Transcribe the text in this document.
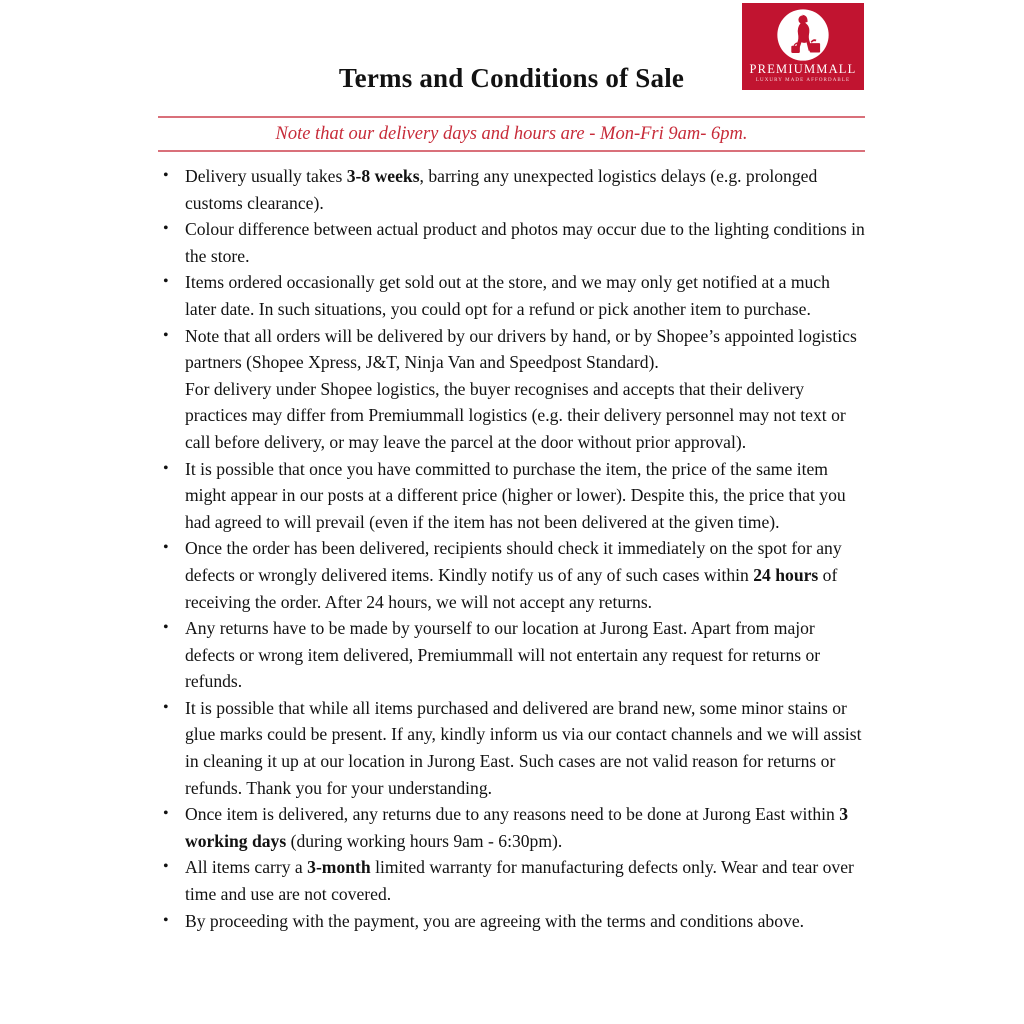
PREMIUMMALL
LUXURY MADE AFFORDABLE
Terms and Conditions of Sale
Note that our delivery days and hours are - Mon-Fri 9am- 6pm.
• Delivery usually takes 3-8 weeks, barring any unexpected logistics delays (e.g. prolonged customs clearance).
• Colour difference between actual product and photos may occur due to the lighting conditions in the store.
• Items ordered occasionally get sold out at the store, and we may only get notified at a much later date. In such situations, you could opt for a refund or pick another item to purchase.
• Note that all orders will be delivered by our drivers by hand, or by Shopee’s appointed logistics partners (Shopee Xpress, J&T, Ninja Van and Speedpost Standard).
For delivery under Shopee logistics, the buyer recognises and accepts that their delivery practices may differ from Premiummall logistics (e.g. their delivery personnel may not text or call before delivery, or may leave the parcel at the door without prior approval).
• It is possible that once you have committed to purchase the item, the price of the same item might appear in our posts at a different price (higher or lower). Despite this, the price that you had agreed to will prevail (even if the item has not been delivered at the given time).
• Once the order has been delivered, recipients should check it immediately on the spot for any defects or wrongly delivered items. Kindly notify us of any of such cases within 24 hours of receiving the order. After 24 hours, we will not accept any returns.
• Any returns have to be made by yourself to our location at Jurong East. Apart from major defects or wrong item delivered, Premiummall will not entertain any request for returns or refunds.
• It is possible that while all items purchased and delivered are brand new, some minor stains or glue marks could be present. If any, kindly inform us via our contact channels and we will assist in cleaning it up at our location in Jurong East. Such cases are not valid reason for returns or refunds. Thank you for your understanding.
• Once item is delivered, any returns due to any reasons need to be done at Jurong East within 3 working days (during working hours 9am - 6:30pm).
• All items carry a 3-month limited warranty for manufacturing defects only. Wear and tear over time and use are not covered.
• By proceeding with the payment, you are agreeing with the terms and conditions above.
